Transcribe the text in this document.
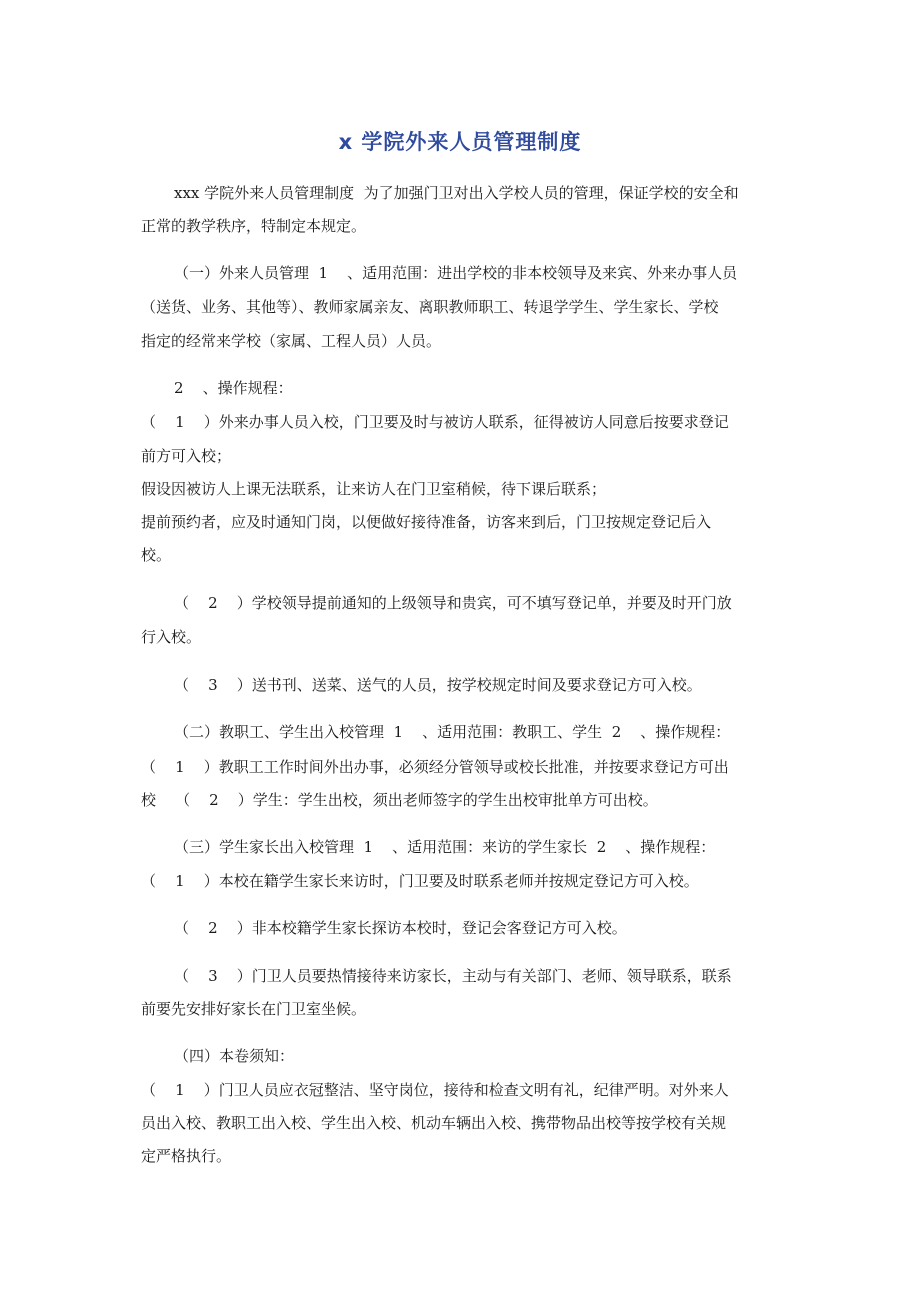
x 学院外来人员管理制度
xxx 学院外来人员管理制度  为了加强门卫对出入学校人员的管理，保证学校的安全和
正常的教学秩序，特制定本规定。
（一）外来人员管理  1    、适用范围：进出学校的非本校领导及来宾、外来办事人员
（送货、业务、其他等）、教师家属亲友、离职教师职工、转退学学生、学生家长、学校
指定的经常来学校（家属、工程人员）人员。
2    、操作规程：
（    1    ）外来办事人员入校，门卫要及时与被访人联系，征得被访人同意后按要求登记
前方可入校；
假设因被访人上课无法联系，让来访人在门卫室稍候，待下课后联系；
提前预约者，应及时通知门岗，以便做好接待准备，访客来到后，门卫按规定登记后入
校。
（    2    ）学校领导提前通知的上级领导和贵宾，可不填写登记单，并要及时开门放
行入校。
（    3    ）送书刊、送菜、送气的人员，按学校规定时间及要求登记方可入校。
（二）教职工、学生出入校管理  1    、适用范围：教职工、学生  2    、操作规程：
（    1    ）教职工工作时间外出办事，必须经分管领导或校长批准，并按要求登记方可出
校    （    2    ）学生：学生出校，须出老师签字的学生出校审批单方可出校。
（三）学生家长出入校管理  1    、适用范围：来访的学生家长  2    、操作规程：
（    1    ）本校在籍学生家长来访时，门卫要及时联系老师并按规定登记方可入校。
（    2    ）非本校籍学生家长探访本校时，登记会客登记方可入校。
（    3    ）门卫人员要热情接待来访家长，主动与有关部门、老师、领导联系，联系
前要先安排好家长在门卫室坐候。
（四）本卷须知：
（    1    ）门卫人员应衣冠整洁、坚守岗位，接待和检查文明有礼，纪律严明。对外来人
员出入校、教职工出入校、学生出入校、机动车辆出入校、携带物品出校等按学校有关规
定严格执行。
